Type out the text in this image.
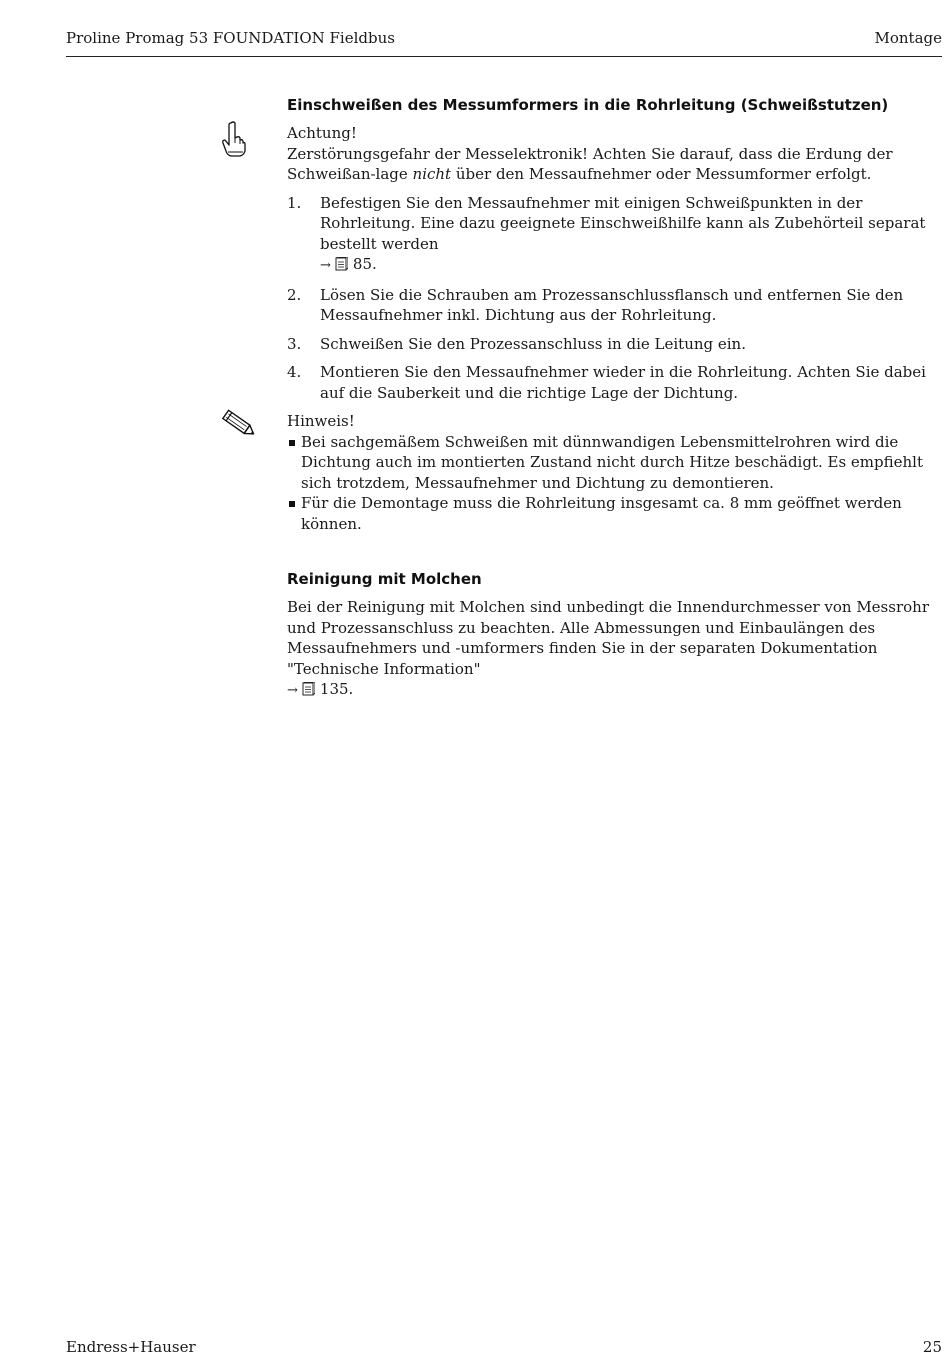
Proline Promag 53 FOUNDATION Fieldbus	Montage
Einschweißen des Messumformers in die Rohrleitung (Schweißstutzen)
Achtung!

Zerstörungsgefahr der Messelektronik! Achten Sie darauf, dass die Erdung der Schweißan-lage nicht über den Messaufnehmer oder Messumformer erfolgt.

1. Befestigen Sie den Messaufnehmer mit einigen Schweißpunkten in der Rohrleitung. Eine dazu geeignete Einschweißhilfe kann als Zubehörteil separat bestellt werden
→ 85.
2. Lösen Sie die Schrauben am Prozessanschlussflansch und entfernen Sie den Messaufnehmer inkl. Dichtung aus der Rohrleitung.
3. Schweißen Sie den Prozessanschluss in die Leitung ein.
4. Montieren Sie den Messaufnehmer wieder in die Rohrleitung. Achten Sie dabei auf die Sauberkeit und die richtige Lage der Dichtung.
Hinweis!
Bei sachgemäßem Schweißen mit dünnwandigen Lebensmittelrohren wird die Dichtung auch im montierten Zustand nicht durch Hitze beschädigt. Es empfiehlt sich trotzdem, Messaufnehmer und Dichtung zu demontieren.
Für die Demontage muss die Rohrleitung insgesamt ca. 8 mm geöffnet werden können.
Reinigung mit Molchen

Bei der Reinigung mit Molchen sind unbedingt die Innendurchmesser von Messrohr und Prozessanschluss zu beachten. Alle Abmessungen und Einbaulängen des Messaufnehmers und -umformers finden Sie in der separaten Dokumentation "Technische Information"
→ 135.

Endress+Hauser	25
